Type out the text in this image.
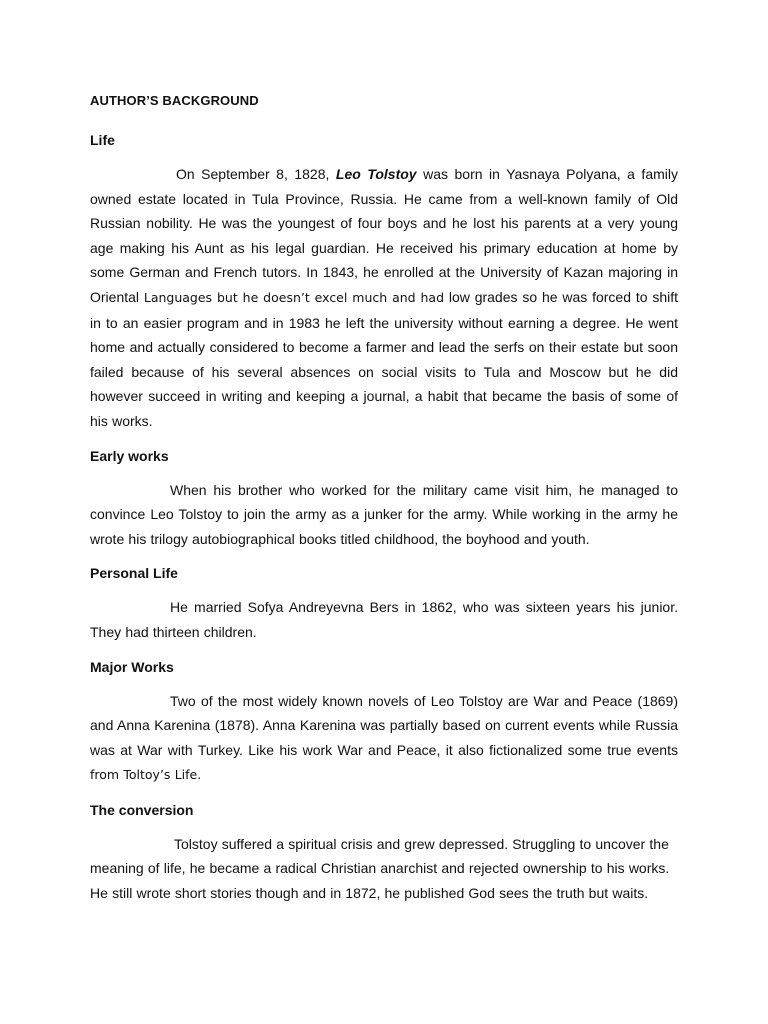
AUTHOR’S BACKGROUND
Life

On September 8, 1828, Leo Tolstoy was born in Yasnaya Polyana, a family owned estate located in Tula Province, Russia. He came from a well-known family of Old Russian nobility. He was the youngest of four boys and he lost his parents at a very young age making his Aunt as his legal guardian. He received his primary education at home by some German and French tutors. In 1843, he enrolled at the University of Kazan majoring in Oriental Languages but he doesn’t excel much and had low grades so he was forced to shift in to an easier program and in 1983 he left the university without earning a degree. He went home and actually considered to become a farmer and lead the serfs on their estate but soon failed because of his several absences on social visits to Tula and Moscow but he did however succeed in writing and keeping a journal, a habit that became the basis of some of his works.

Early works

When his brother who worked for the military came visit him, he managed to convince Leo Tolstoy to join the army as a junker for the army. While working in the army he wrote his trilogy autobiographical books titled childhood, the boyhood and youth.

Personal Life

He married Sofya Andreyevna Bers in 1862, who was sixteen years his junior. They had thirteen children.

Major Works

Two of the most widely known novels of Leo Tolstoy are War and Peace (1869) and Anna Karenina (1878). Anna Karenina was partially based on current events while Russia was at War with Turkey. Like his work War and Peace, it also fictionalized some true events from Toltoy’s Life.

The conversion

Tolstoy suffered a spiritual crisis and grew depressed. Struggling to uncover the meaning of life, he became a radical Christian anarchist and rejected ownership to his works. He still wrote short stories though and in 1872, he published God sees the truth but waits.
